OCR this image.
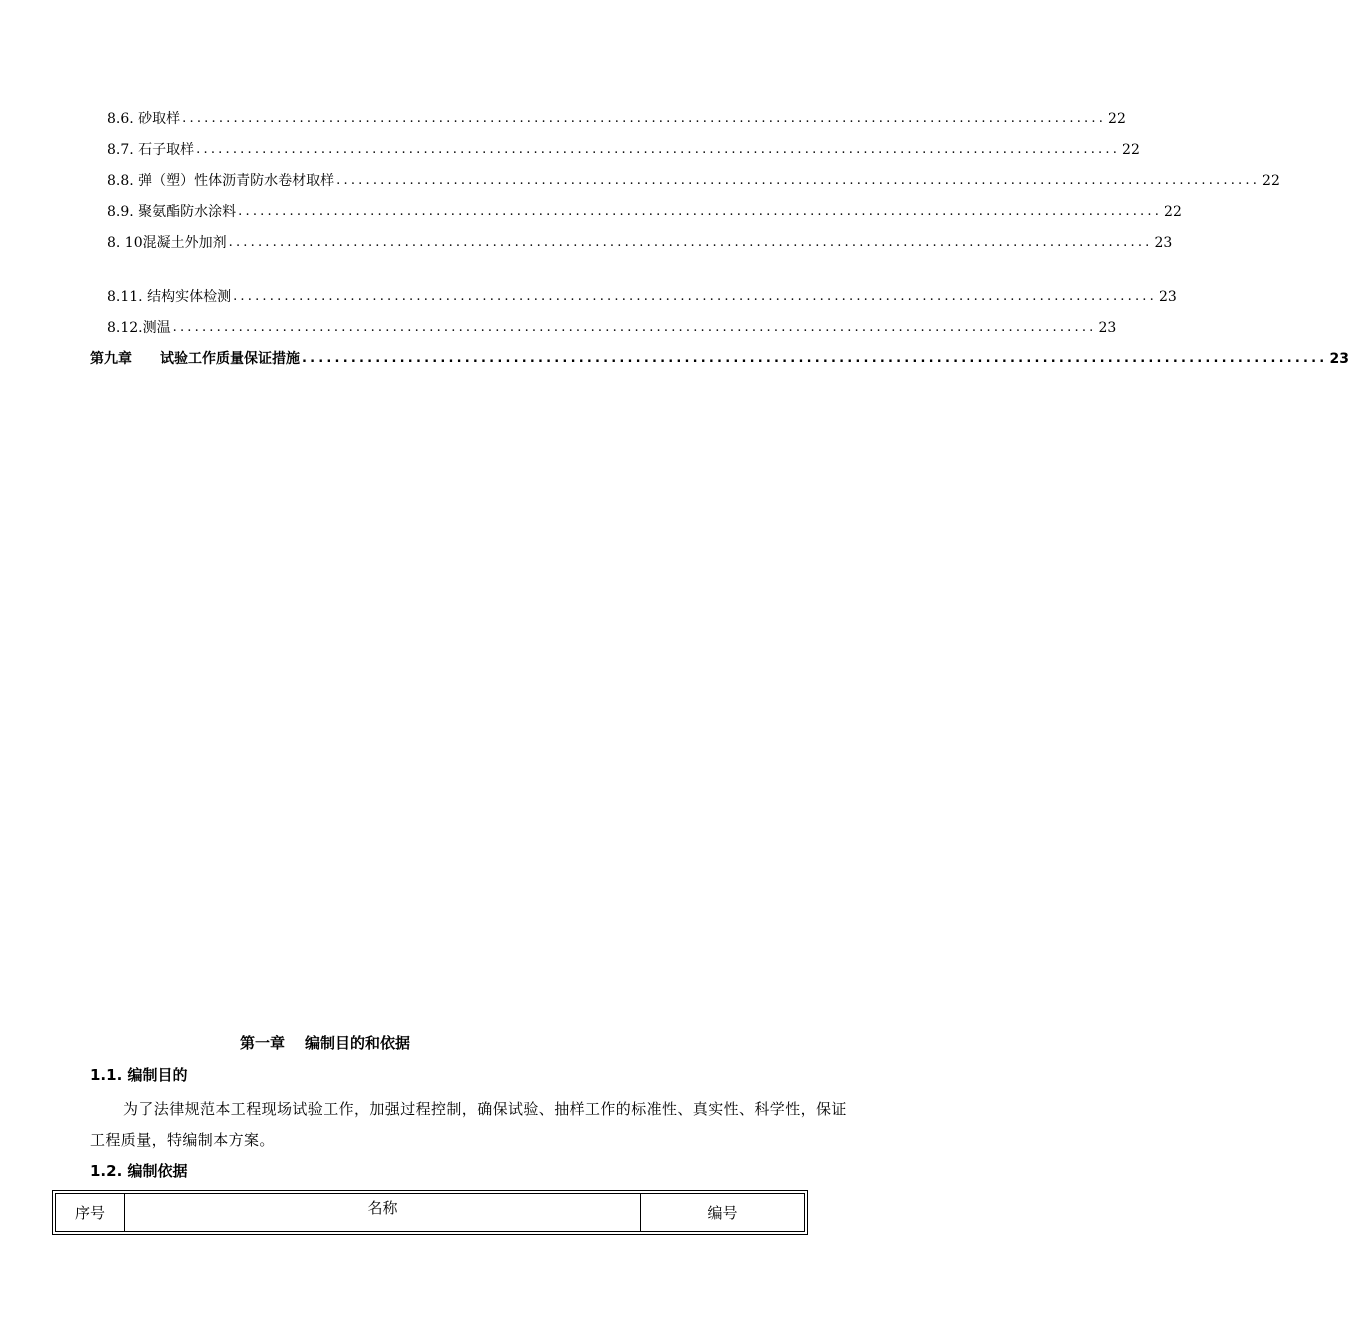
8.6. 砂取样 .............................................................................................................................. 22
8.7. 石子取样 .............................................................................................................................. 22
8.8. 弹（塑）性体沥青防水卷材取样 .............................................................................................................................. 22
8.9. 聚氨酯防水涂料 .............................................................................................................................. 22
8. 10混凝土外加剂 .............................................................................................................................. 23
8.11. 结构实体检测 .............................................................................................................................. 23
8.12.测温 .............................................................................................................................. 23
第九章 试验工作质量保证措施 .............................................................................................................................. 23
第一章 编制目的和依据
1.1. 编制目的
为了法律规范本工程现场试验工作，加强过程控制，确保试验、抽样工作的标准性、真实性、科学性，保证工程质量，特编制本方案。
1.2. 编制依据
序号	名称	编号
